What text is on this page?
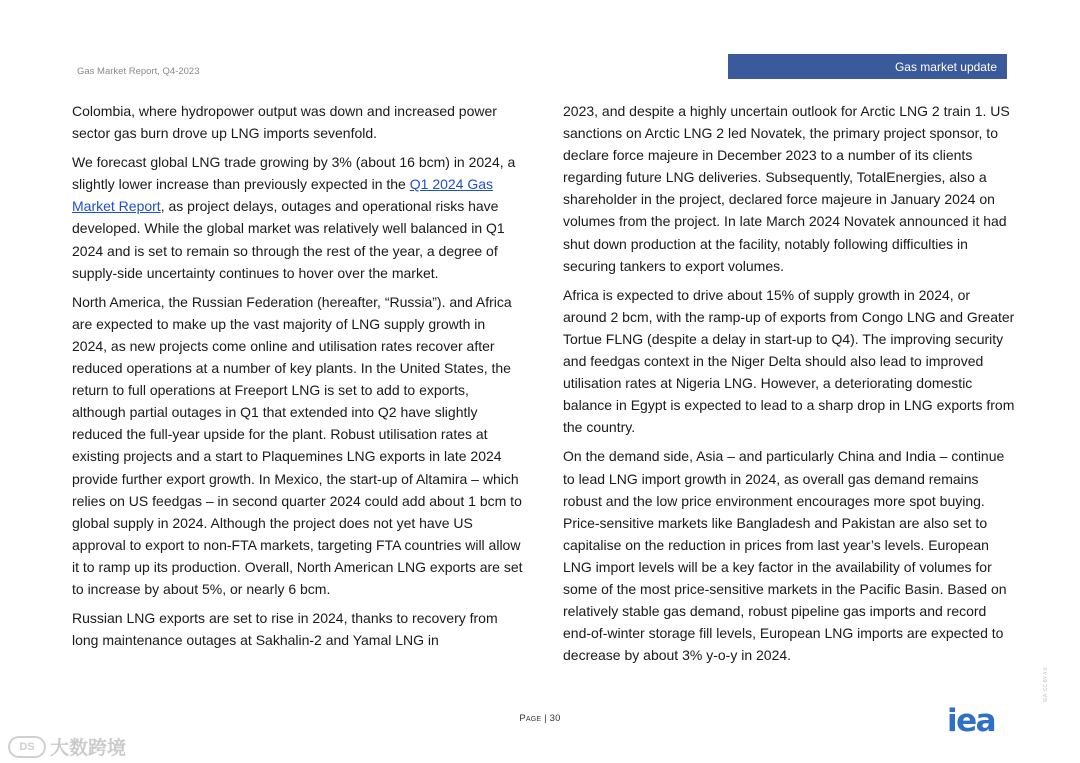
Gas Market Report, Q4-2023	Gas market update

Colombia, where hydropower output was down and increased power sector gas burn drove up LNG imports sevenfold.

We forecast global LNG trade growing by 3% (about 16 bcm) in 2024, a slightly lower increase than previously expected in the Q1 2024 Gas Market Report, as project delays, outages and operational risks have developed. While the global market was relatively well balanced in Q1 2024 and is set to remain so through the rest of the year, a degree of supply-side uncertainty continues to hover over the market.

North America, the Russian Federation (hereafter, “Russia”). and Africa are expected to make up the vast majority of LNG supply growth in 2024, as new projects come online and utilisation rates recover after reduced operations at a number of key plants. In the United States, the return to full operations at Freeport LNG is set to add to exports, although partial outages in Q1 that extended into Q2 have slightly reduced the full-year upside for the plant. Robust utilisation rates at existing projects and a start to Plaquemines LNG exports in late 2024 provide further export growth. In Mexico, the start-up of Altamira – which relies on US feedgas – in second quarter 2024 could add about 1 bcm to global supply in 2024. Although the project does not yet have US approval to export to non-FTA markets, targeting FTA countries will allow it to ramp up its production. Overall, North American LNG exports are set to increase by about 5%, or nearly 6 bcm.

Russian LNG exports are set to rise in 2024, thanks to recovery from long maintenance outages at Sakhalin-2 and Yamal LNG in

2023, and despite a highly uncertain outlook for Arctic LNG 2 train 1. US sanctions on Arctic LNG 2 led Novatek, the primary project sponsor, to declare force majeure in December 2023 to a number of its clients regarding future LNG deliveries. Subsequently, TotalEnergies, also a shareholder in the project, declared force majeure in January 2024 on volumes from the project. In late March 2024 Novatek announced it had shut down production at the facility, notably following difficulties in securing tankers to export volumes.

Africa is expected to drive about 15% of supply growth in 2024, or around 2 bcm, with the ramp-up of exports from Congo LNG and Greater Tortue FLNG (despite a delay in start-up to Q4). The improving security and feedgas context in the Niger Delta should also lead to improved utilisation rates at Nigeria LNG. However, a deteriorating domestic balance in Egypt is expected to lead to a sharp drop in LNG exports from the country.

On the demand side, Asia – and particularly China and India – continue to lead LNG import growth in 2024, as overall gas demand remains robust and the low price environment encourages more spot buying. Price-sensitive markets like Bangladesh and Pakistan are also set to capitalise on the reduction in prices from last year’s levels. European LNG import levels will be a key factor in the availability of volumes for some of the most price-sensitive markets in the Pacific Basin. Based on relatively stable gas demand, robust pipeline gas imports and record end-of-winter storage fill levels, European LNG imports are expected to decrease by about 3% y-o-y in 2024.

Page | 30	iea
IEA. CC BY 4.0.
DS 大数跨境
